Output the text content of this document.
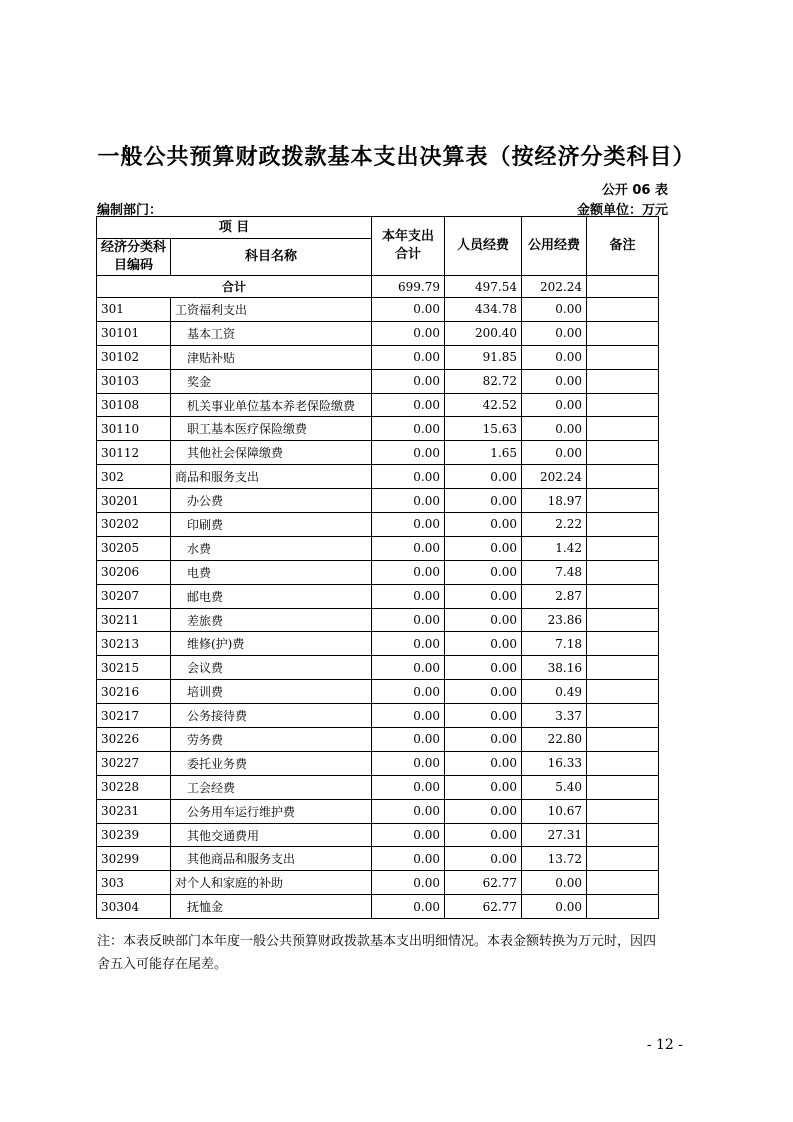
一般公共预算财政拨款基本支出决算表（按经济分类科目）
公开 06 表
编制部门：	金额单位：万元
项 目		本年支出合计	人员经费	公用经费	备注
经济分类科目编码	科目名称				
合计		699.79	497.54	202.24	
301	工资福利支出	0.00	434.78	0.00	
30101	基本工资	0.00	200.40	0.00	
30102	津贴补贴	0.00	91.85	0.00	
30103	奖金	0.00	82.72	0.00	
30108	机关事业单位基本养老保险缴费	0.00	42.52	0.00	
30110	职工基本医疗保险缴费	0.00	15.63	0.00	
30112	其他社会保障缴费	0.00	1.65	0.00	
302	商品和服务支出	0.00	0.00	202.24	
30201	办公费	0.00	0.00	18.97	
30202	印刷费	0.00	0.00	2.22	
30205	水费	0.00	0.00	1.42	
30206	电费	0.00	0.00	7.48	
30207	邮电费	0.00	0.00	2.87	
30211	差旅费	0.00	0.00	23.86	
30213	维修(护)费	0.00	0.00	7.18	
30215	会议费	0.00	0.00	38.16	
30216	培训费	0.00	0.00	0.49	
30217	公务接待费	0.00	0.00	3.37	
30226	劳务费	0.00	0.00	22.80	
30227	委托业务费	0.00	0.00	16.33	
30228	工会经费	0.00	0.00	5.40	
30231	公务用车运行维护费	0.00	0.00	10.67	
30239	其他交通费用	0.00	0.00	27.31	
30299	其他商品和服务支出	0.00	0.00	13.72	
303	对个人和家庭的补助	0.00	62.77	0.00	
30304	抚恤金	0.00	62.77	0.00	
注：本表反映部门本年度一般公共预算财政拨款基本支出明细情况。本表金额转换为万元时，因四舍五入可能存在尾差。
- 12 -
